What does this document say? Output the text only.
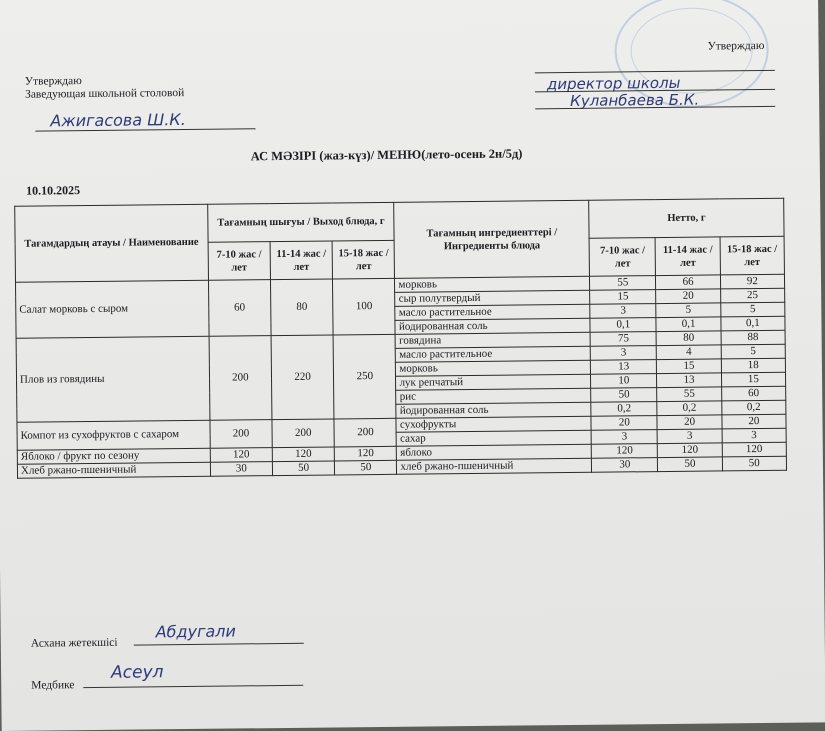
Утверждаю
Заведующая школьной столовой
Ажигасова Ш.К.
Утверждаю
директор школы
Куланбаева Б.К.
АС МӘЗІРІ (жаз-күз)/ МЕНЮ(лето-осень 2н/5д)
10.10.2025
Тағамдардың атауы / Наименование	Тағамның шығуы / Выход блюда, г			Тағамның ингредиенттері / Ингредиенты блюда	Нетто, г		
	7-10 жас / лет	11-14 жас / лет	15-18 жас / лет		7-10 жас / лет	11-14 жас / лет	15-18 жас / лет
Салат морковь с сыром	60	80	100	морковь	55	66	92
				сыр полутвердый	15	20	25
				масло растительное	3	5	5
				йодированная соль	0,1	0,1	0,1
Плов из говядины	200	220	250	говядина	75	80	88
				масло растительное	3	4	5
				морковь	13	15	18
				лук репчатый	10	13	15
				рис	50	55	60
				йодированная соль	0,2	0,2	0,2
Компот из сухофруктов с сахаром	200	200	200	сухофрукты	20	20	20
				сахар	3	3	3
Яблоко / фрукт по сезону	120	120	120	яблоко	120	120	120
Хлеб ржано-пшеничный	30	50	50	хлеб ржано-пшеничный	30	50	50
Асхана жетекшісі
Абдугали
Медбике
Асеул
